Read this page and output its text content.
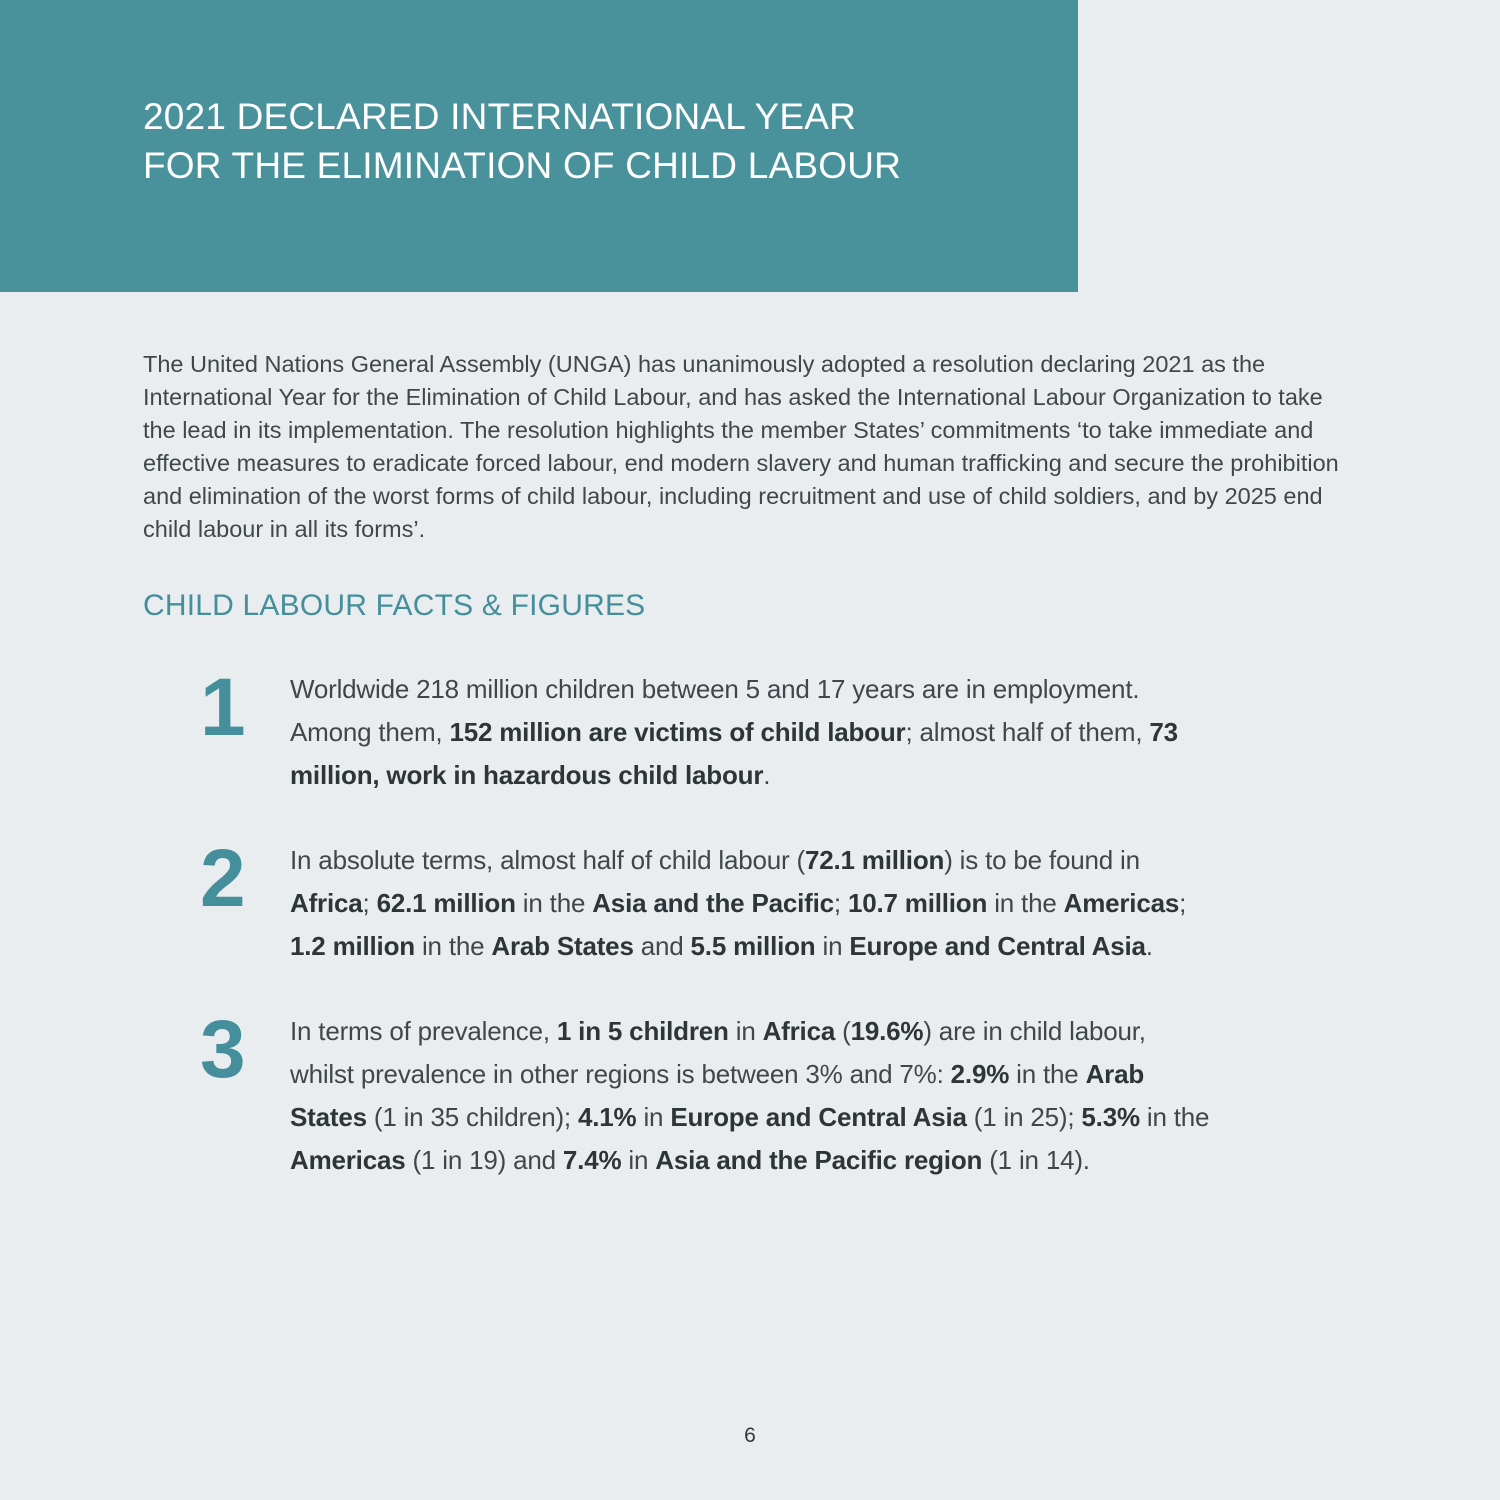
2021 DECLARED INTERNATIONAL YEAR
FOR THE ELIMINATION OF CHILD LABOUR

The United Nations General Assembly (UNGA) has unanimously adopted a resolution declaring 2021 as the International Year for the Elimination of Child Labour, and has asked the International Labour Organization to take the lead in its implementation. The resolution highlights the member States’ commitments ‘to take immediate and effective measures to eradicate forced labour, end modern slavery and human trafficking and secure the prohibition and elimination of the worst forms of child labour, including recruitment and use of child soldiers, and by 2025 end child labour in all its forms’.

CHILD LABOUR FACTS & FIGURES
1	Worldwide 218 million children between 5 and 17 years are in employment. Among them, 152 million are victims of child labour; almost half of them, 73 million, work in hazardous child labour.
2	In absolute terms, almost half of child labour (72.1 million) is to be found in Africa; 62.1 million in the Asia and the Pacific; 10.7 million in the Americas; 1.2 million in the Arab States and 5.5 million in Europe and Central Asia.
3	In terms of prevalence, 1 in 5 children in Africa (19.6%) are in child labour, whilst prevalence in other regions is between 3% and 7%: 2.9% in the Arab States (1 in 35 children); 4.1% in Europe and Central Asia (1 in 25); 5.3% in the Americas (1 in 19) and 7.4% in Asia and the Pacific region (1 in 14).
6
